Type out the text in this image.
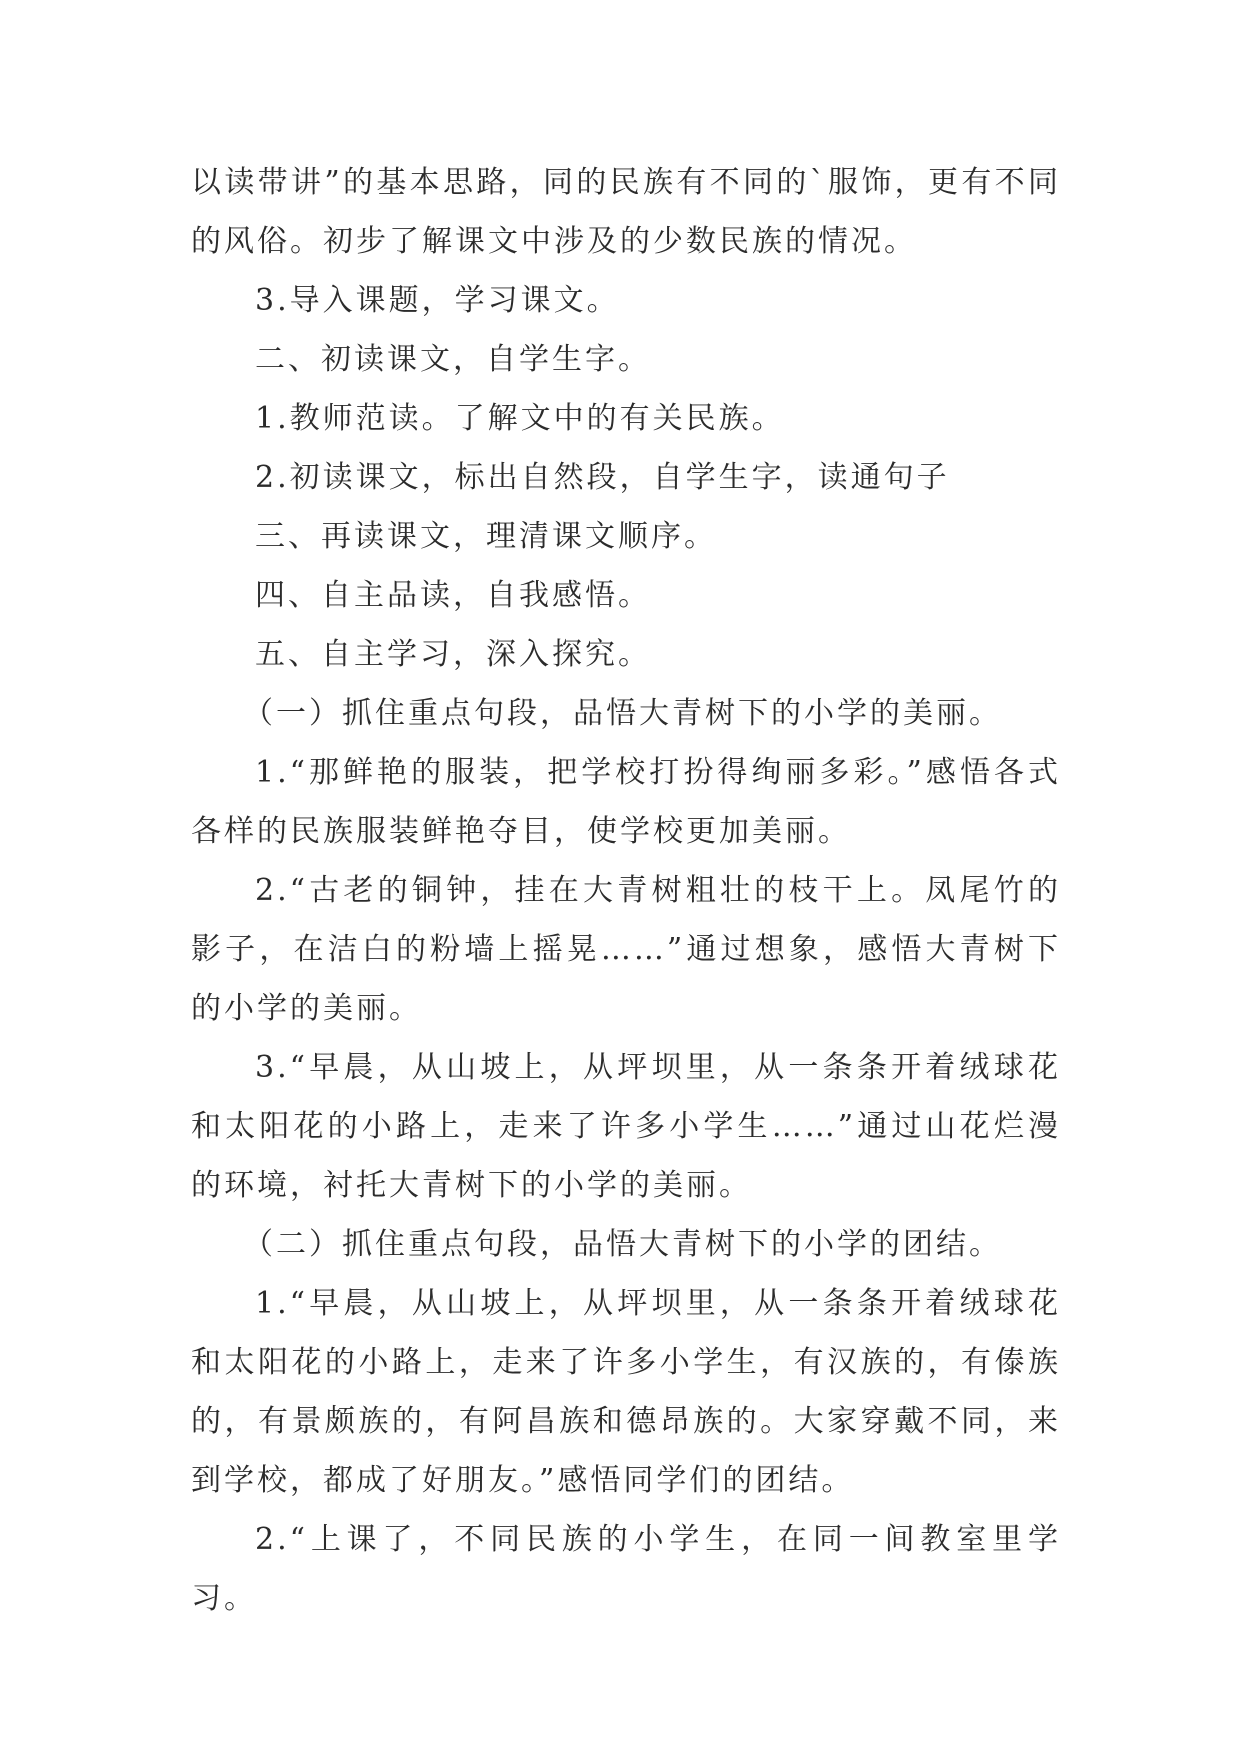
以读带讲”的基本思路，同的民族有不同的`服饰，更有不同的风俗。初步了解课文中涉及的少数民族的情况。

3.导入课题，学习课文。

二、初读课文，自学生字。

1.教师范读。了解文中的有关民族。

2.初读课文，标出自然段，自学生字，读通句子

三、再读课文，理清课文顺序。

四、自主品读，自我感悟。

五、自主学习，深入探究。

（一）抓住重点句段，品悟大青树下的小学的美丽。

1.“那鲜艳的服装，把学校打扮得绚丽多彩。”感悟各式各样的民族服装鲜艳夺目，使学校更加美丽。

2.“古老的铜钟，挂在大青树粗壮的枝干上。凤尾竹的影子，在洁白的粉墙上摇晃……”通过想象，感悟大青树下的小学的美丽。

3.“早晨，从山坡上，从坪坝里，从一条条开着绒球花和太阳花的小路上，走来了许多小学生……”通过山花烂漫的环境，衬托大青树下的小学的美丽。

（二）抓住重点句段，品悟大青树下的小学的团结。

1.“早晨，从山坡上，从坪坝里，从一条条开着绒球花和太阳花的小路上，走来了许多小学生，有汉族的，有傣族的，有景颇族的，有阿昌族和德昂族的。大家穿戴不同，来到学校，都成了好朋友。”感悟同学们的团结。

2.“上课了，不同民族的小学生，在同一间教室里学习。
